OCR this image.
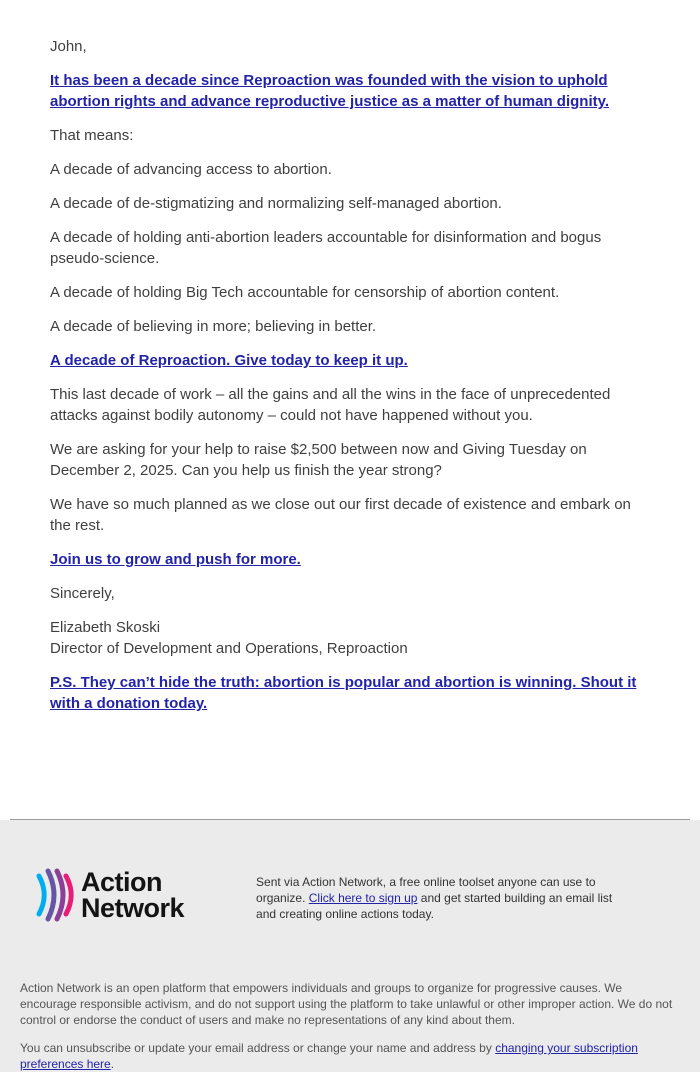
John,

It has been a decade since Reproaction was founded with the vision to uphold abortion rights and advance reproductive justice as a matter of human dignity.

That means:

A decade of advancing access to abortion.

A decade of de-stigmatizing and normalizing self-managed abortion.

A decade of holding anti-abortion leaders accountable for disinformation and bogus pseudo-science.

A decade of holding Big Tech accountable for censorship of abortion content.

A decade of believing in more; believing in better.

A decade of Reproaction. Give today to keep it up.

This last decade of work – all the gains and all the wins in the face of unprecedented attacks against bodily autonomy – could not have happened without you.

We are asking for your help to raise $2,500 between now and Giving Tuesday on December 2, 2025. Can you help us finish the year strong?

We have so much planned as we close out our first decade of existence and embark on the rest.

Join us to grow and push for more.

Sincerely,

Elizabeth Skoski

Director of Development and Operations, Reproaction

P.S. They can’t hide the truth: abortion is popular and abortion is winning. Shout it with a donation today.

Action
Network

Sent via Action Network, a free online toolset anyone can use to organize. Click here to sign up and get started building an email list and creating online actions today.

Action Network is an open platform that empowers individuals and groups to organize for progressive causes. We encourage responsible activism, and do not support using the platform to take unlawful or other improper action. We do not control or endorse the conduct of users and make no representations of any kind about them.

You can unsubscribe or update your email address or change your name and address by changing your subscription preferences here.
